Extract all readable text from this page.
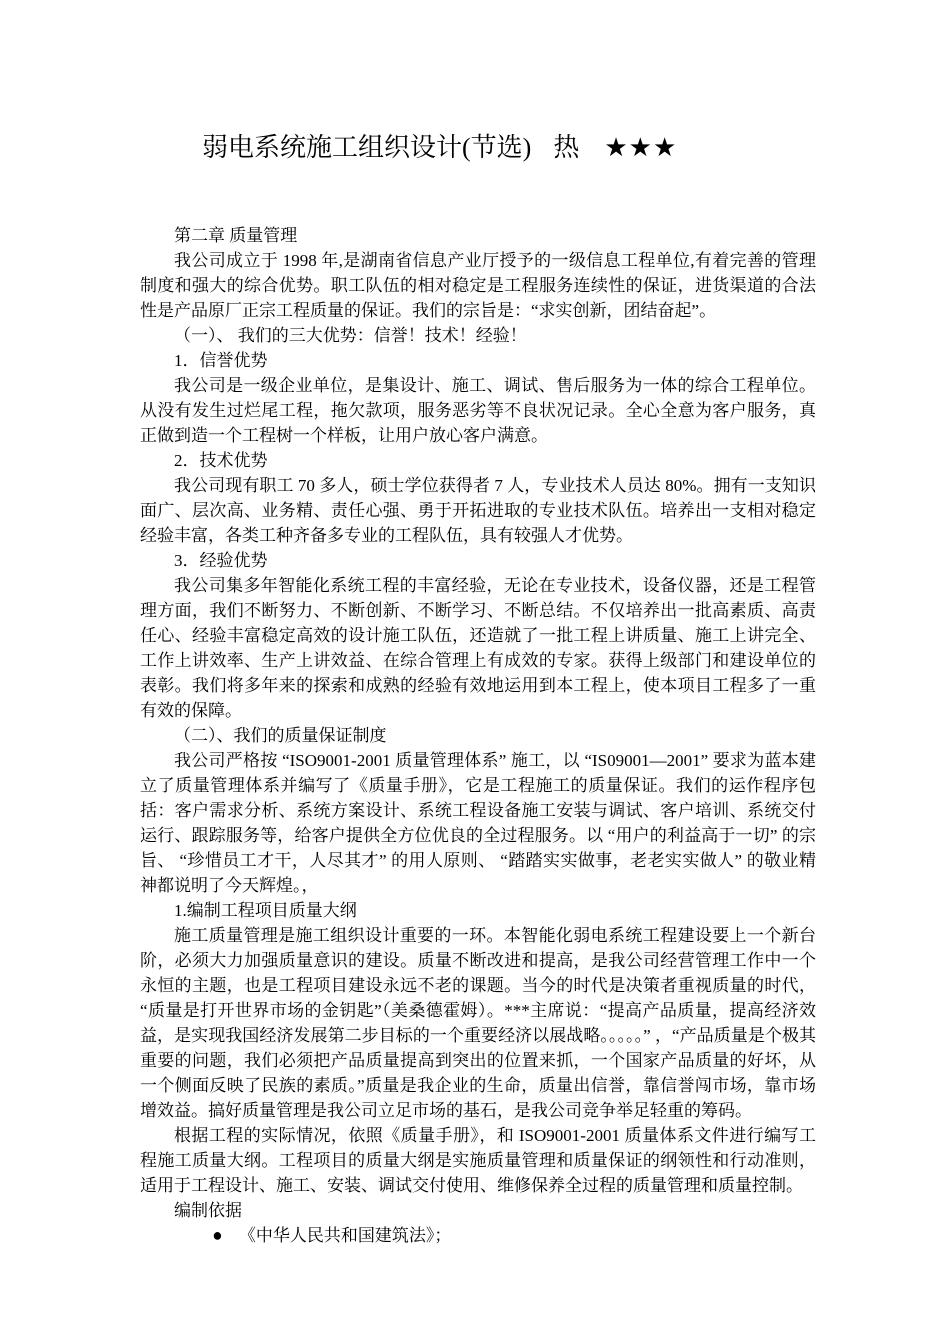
弱电系统施工组织设计(节选) 热 ★★★

第二章 质量管理

我公司成立于 1998 年,是湖南省信息产业厅授予的一级信息工程单位,有着完善的管理制度和强大的综合优势。职工队伍的相对稳定是工程服务连续性的保证，进货渠道的合法性是产品原厂正宗工程质量的保证。我们的宗旨是：“求实创新，团结奋起”。

（一）、 我们的三大优势：信誉！技术！经验！

1．信誉优势

我公司是一级企业单位，是集设计、施工、调试、售后服务为一体的综合工程单位。从没有发生过烂尾工程，拖欠款项，服务恶劣等不良状况记录。全心全意为客户服务，真正做到造一个工程树一个样板，让用户放心客户满意。

2．技术优势

我公司现有职工 70 多人，硕士学位获得者 7 人，专业技术人员达 80%。拥有一支知识面广、层次高、业务精、责任心强、勇于开拓进取的专业技术队伍。培养出一支相对稳定经验丰富，各类工种齐备多专业的工程队伍，具有较强人才优势。

3．经验优势

我公司集多年智能化系统工程的丰富经验，无论在专业技术，设备仪器，还是工程管理方面，我们不断努力、不断创新、不断学习、不断总结。不仅培养出一批高素质、高责任心、经验丰富稳定高效的设计施工队伍，还造就了一批工程上讲质量、施工上讲完全、工作上讲效率、生产上讲效益、在综合管理上有成效的专家。获得上级部门和建设单位的表彰。我们将多年来的探索和成熟的经验有效地运用到本工程上，使本项目工程多了一重有效的保障。

（二）、我们的质量保证制度

我公司严格按 “ISO9001-2001 质量管理体系” 施工，以 “IS09001—2001” 要求为蓝本建立了质量管理体系并编写了《质量手册》，它是工程施工的质量保证。我们的运作程序包括：客户需求分析、系统方案设计、系统工程设备施工安装与调试、客户培训、系统交付运行、跟踪服务等，给客户提供全方位优良的全过程服务。以 “用户的利益高于一切” 的宗旨、 “珍惜员工才干，人尽其才” 的用人原则、 “踏踏实实做事，老老实实做人” 的敬业精神都说明了今天辉煌。，

1.编制工程项目质量大纲

施工质量管理是施工组织设计重要的一环。本智能化弱电系统工程建设要上一个新台阶，必须大力加强质量意识的建设。质量不断改进和提高，是我公司经营管理工作中一个永恒的主题，也是工程项目建设永远不老的课题。当今的时代是决策者重视质量的时代， “质量是打开世界市场的金钥匙”（美桑德霍姆）。***主席说：“提高产品质量，提高经济效益，是实现我国经济发展第二步目标的一个重要经济以展战略。。。。。” ，“产品质量是个极其重要的问题，我们必须把产品质量提高到突出的位置来抓，一个国家产品质量的好坏，从一个侧面反映了民族的素质。”质量是我企业的生命，质量出信誉，靠信誉闯市场，靠市场增效益。搞好质量管理是我公司立足市场的基石，是我公司竞争举足轻重的筹码。

根据工程的实际情况，依照《质量手册》，和 ISO9001-2001 质量体系文件进行编写工程施工质量大纲。工程项目的质量大纲是实施质量管理和质量保证的纲领性和行动准则，适用于工程设计、施工、安装、调试交付使用、维修保养全过程的质量管理和质量控制。

编制依据

● 《中华人民共和国建筑法》；
